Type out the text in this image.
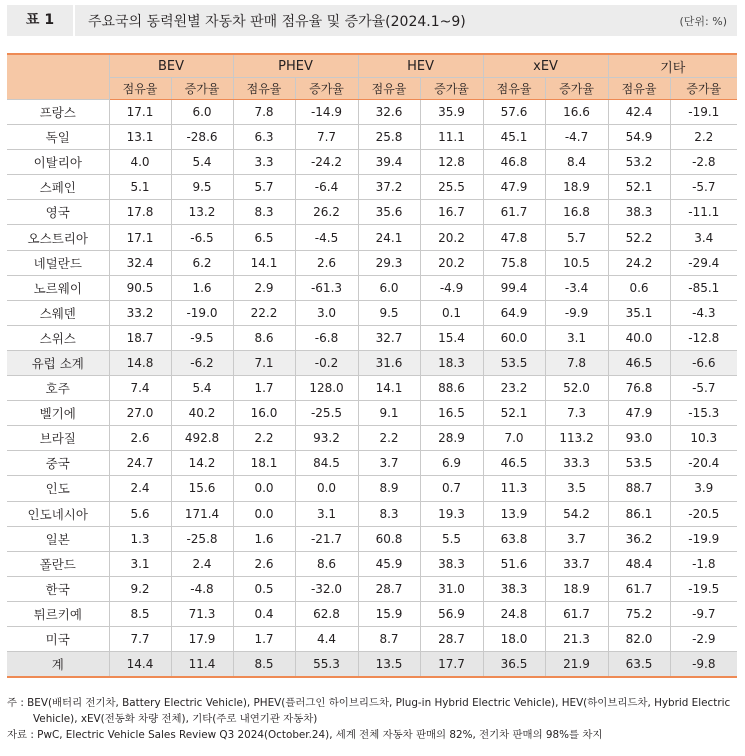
표 1	주요국의 동력원별 자동차 판매 점유율 및 증가율(2024.1~9)	(단위: %)
	BEV		PHEV		HEV		xEV		기타	
	점유율	증가율	점유율	증가율	점유율	증가율	점유율	증가율	점유율	증가율
프랑스	17.1	6.0	7.8	-14.9	32.6	35.9	57.6	16.6	42.4	-19.1
독일	13.1	-28.6	6.3	7.7	25.8	11.1	45.1	-4.7	54.9	2.2
이탈리아	4.0	5.4	3.3	-24.2	39.4	12.8	46.8	8.4	53.2	-2.8
스페인	5.1	9.5	5.7	-6.4	37.2	25.5	47.9	18.9	52.1	-5.7
영국	17.8	13.2	8.3	26.2	35.6	16.7	61.7	16.8	38.3	-11.1
오스트리아	17.1	-6.5	6.5	-4.5	24.1	20.2	47.8	5.7	52.2	3.4
네덜란드	32.4	6.2	14.1	2.6	29.3	20.2	75.8	10.5	24.2	-29.4
노르웨이	90.5	1.6	2.9	-61.3	6.0	-4.9	99.4	-3.4	0.6	-85.1
스웨덴	33.2	-19.0	22.2	3.0	9.5	0.1	64.9	-9.9	35.1	-4.3
스위스	18.7	-9.5	8.6	-6.8	32.7	15.4	60.0	3.1	40.0	-12.8
유럽 소계	14.8	-6.2	7.1	-0.2	31.6	18.3	53.5	7.8	46.5	-6.6
호주	7.4	5.4	1.7	128.0	14.1	88.6	23.2	52.0	76.8	-5.7
벨기에	27.0	40.2	16.0	-25.5	9.1	16.5	52.1	7.3	47.9	-15.3
브라질	2.6	492.8	2.2	93.2	2.2	28.9	7.0	113.2	93.0	10.3
중국	24.7	14.2	18.1	84.5	3.7	6.9	46.5	33.3	53.5	-20.4
인도	2.4	15.6	0.0	0.0	8.9	0.7	11.3	3.5	88.7	3.9
인도네시아	5.6	171.4	0.0	3.1	8.3	19.3	13.9	54.2	86.1	-20.5
일본	1.3	-25.8	1.6	-21.7	60.8	5.5	63.8	3.7	36.2	-19.9
폴란드	3.1	2.4	2.6	8.6	45.9	38.3	51.6	33.7	48.4	-1.8
한국	9.2	-4.8	0.5	-32.0	28.7	31.0	38.3	18.9	61.7	-19.5
튀르키예	8.5	71.3	0.4	62.8	15.9	56.9	24.8	61.7	75.2	-9.7
미국	7.7	17.9	1.7	4.4	8.7	28.7	18.0	21.3	82.0	-2.9
계	14.4	11.4	8.5	55.3	13.5	17.7	36.5	21.9	63.5	-9.8
주 : BEV(배터리 전기차, Battery Electric Vehicle), PHEV(플러그인 하이브리드차, Plug-in Hybrid Electric Vehicle), HEV(하이브리드차, Hybrid Electric
Vehicle), xEV(전동화 차량 전체), 기타(주로 내연기관 자동차)
자료 : PwC, Electric Vehicle Sales Review Q3 2024(October.24), 세계 전체 자동차 판매의 82%, 전기차 판매의 98%를 차지
